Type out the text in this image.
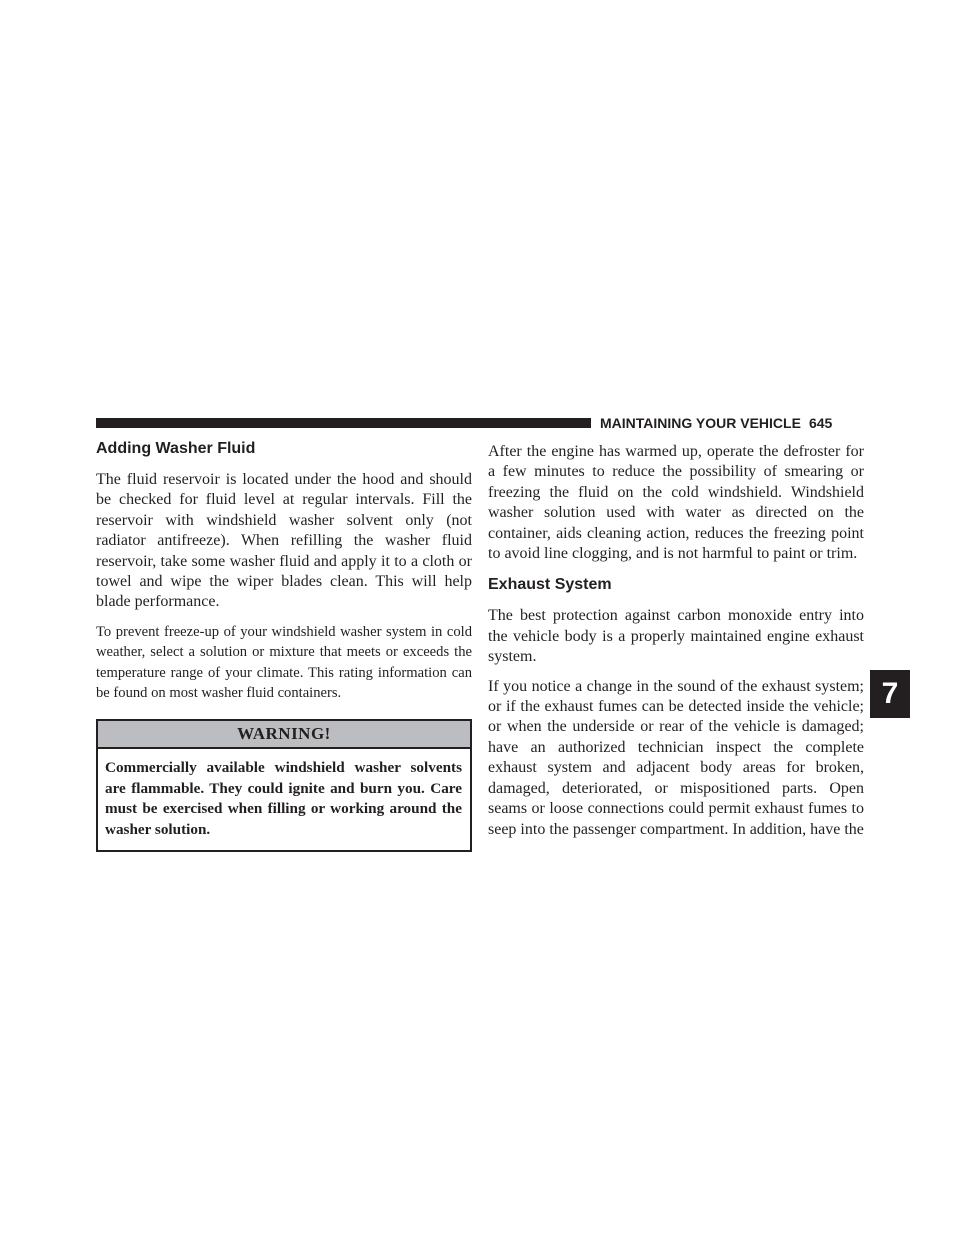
MAINTAINING YOUR VEHICLE 645
7
Adding Washer Fluid

The fluid reservoir is located under the hood and should be checked for fluid level at regular intervals. Fill the reservoir with windshield washer solvent only (not radiator antifreeze). When refilling the washer fluid reservoir, take some washer fluid and apply it to a cloth or towel and wipe the wiper blades clean. This will help blade performance.

To prevent freeze-up of your windshield washer system in cold weather, select a solution or mixture that meets or exceeds the temperature range of your climate. This rating information can be found on most washer fluid containers.

WARNING!
Commercially available windshield washer solvents are flammable. They could ignite and burn you. Care must be exercised when filling or working around the washer solution.

After the engine has warmed up, operate the defroster for a few minutes to reduce the possibility of smearing or freezing the fluid on the cold windshield. Windshield washer solution used with water as directed on the container, aids cleaning action, reduces the freezing point to avoid line clogging, and is not harmful to paint or trim.

Exhaust System

The best protection against carbon monoxide entry into the vehicle body is a properly maintained engine exhaust system.

If you notice a change in the sound of the exhaust system; or if the exhaust fumes can be detected inside the vehicle; or when the underside or rear of the vehicle is damaged; have an authorized technician inspect the complete exhaust system and adjacent body areas for broken, damaged, deteriorated, or mispositioned parts. Open seams or loose connections could permit exhaust fumes to seep into the passenger compartment. In addition, have the
